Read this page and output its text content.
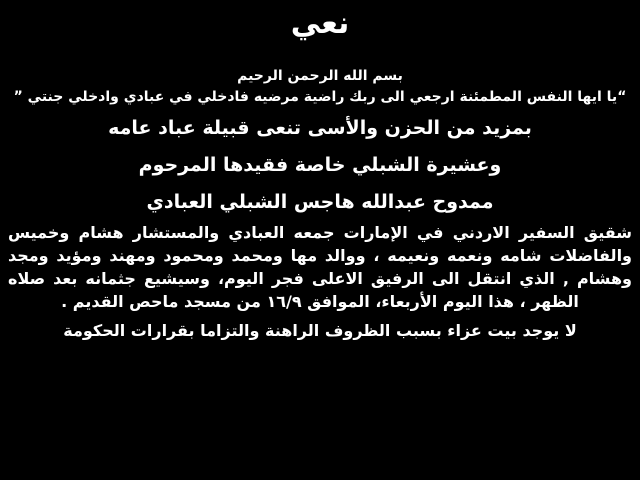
نعي

بسم الله الرحمن الرحيم

“يا ايها النفس المطمئنة ارجعي الى ربك راضية مرضيه فادخلي في عبادي وادخلي جنتي ”

بمزيد من الحزن والأسى تنعى قبيلة عباد عامه

وعشيرة الشبلي خاصة فقيدها المرحوم

ممدوح عبدالله هاجس الشبلي العبادي

شقيق السفير الاردني في الإمارات جمعه العبادي والمستشار هشام وخميس والفاضلات شامه ونعمه ونعيمه ، ووالد مها ومحمد ومحمود ومهند ومؤيد ومجد وهشام , الذي انتقل الى الرفيق الاعلى فجر اليوم، وسيشيع جثمانه بعد صلاه الظهر ، هذا اليوم الأربعاء، الموافق ١٦/٩ من مسجد ماحص القديم .

لا يوجد بيت عزاء بسبب الظروف الراهنة والتزاما بقرارات الحكومة
